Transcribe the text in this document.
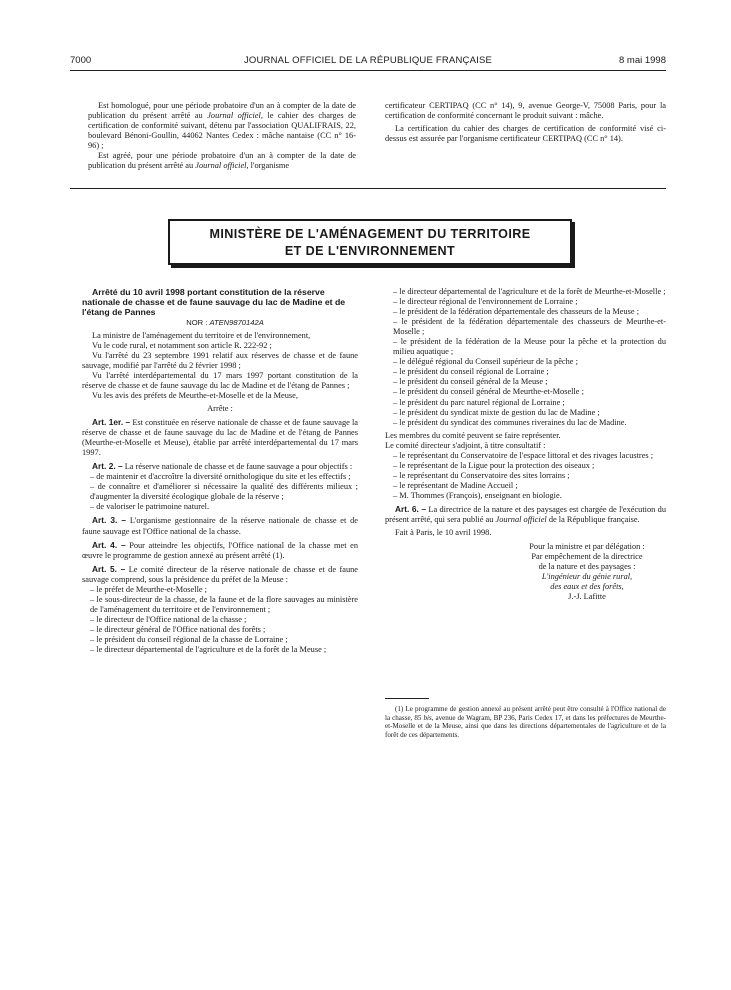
7000	JOURNAL OFFICIEL DE LA RÉPUBLIQUE FRANÇAISE	8 mai 1998

Est homologué, pour une période probatoire d'un an à compter de la date de publication du présent arrêté au Journal officiel, le cahier des charges de certification de conformité suivant, détenu par l'association QUALIFRAIS, 22, boulevard Bénoni-Goullin, 44062 Nantes Cedex : mâche nantaise (CC n° 16-96) ;

Est agréé, pour une période probatoire d'un an à compter de la date de publication du présent arrêté au Journal officiel, l'organisme

certificateur CERTIPAQ (CC n° 14), 9, avenue George-V, 75008 Paris, pour la certification de conformité concernant le produit suivant : mâche.

La certification du cahier des charges de certification de conformité visé ci-dessus est assurée par l'organisme certificateur CERTIPAQ (CC n° 14).

MINISTÈRE DE L'AMÉNAGEMENT DU TERRITOIRE
ET DE L'ENVIRONNEMENT

Arrêté du 10 avril 1998 portant constitution de la réserve nationale de chasse et de faune sauvage du lac de Madine et de l'étang de Pannes

NOR : ATEN9870142A

La ministre de l'aménagement du territoire et de l'environnement,

Vu le code rural, et notamment son article R. 222-92 ;

Vu l'arrêté du 23 septembre 1991 relatif aux réserves de chasse et de faune sauvage, modifié par l'arrêté du 2 février 1998 ;

Vu l'arrêté interdépartemental du 17 mars 1997 portant constitution de la réserve de chasse et de faune sauvage du lac de Madine et de l'étang de Pannes ;

Vu les avis des préfets de Meurthe-et-Moselle et de la Meuse,

Arrête :

Art. 1er. – Est constituée en réserve nationale de chasse et de faune sauvage la réserve de chasse et de faune sauvage du lac de Madine et de l'étang de Pannes (Meurthe-et-Moselle et Meuse), établie par arrêté interdépartemental du 17 mars 1997.

Art. 2. – La réserve nationale de chasse et de faune sauvage a pour objectifs :

– de maintenir et d'accroître la diversité ornithologique du site et les effectifs ;

– de connaître et d'améliorer si nécessaire la qualité des différents milieux ; d'augmenter la diversité écologique globale de la réserve ;

– de valoriser le patrimoine naturel.

Art. 3. – L'organisme gestionnaire de la réserve nationale de chasse et de faune sauvage est l'Office national de la chasse.

Art. 4. – Pour atteindre les objectifs, l'Office national de la chasse met en œuvre le programme de gestion annexé au présent arrêté (1).

Art. 5. – Le comité directeur de la réserve nationale de chasse et de faune sauvage comprend, sous la présidence du préfet de la Meuse :

– le préfet de Meurthe-et-Moselle ;

– le sous-directeur de la chasse, de la faune et de la flore sauvages au ministère de l'aménagement du territoire et de l'environnement ;

– le directeur de l'Office national de la chasse ;

– le directeur général de l'Office national des forêts ;

– le président du conseil régional de la chasse de Lorraine ;

– le directeur départemental de l'agriculture et de la forêt de la Meuse ;

– le directeur départemental de l'agriculture et de la forêt de Meurthe-et-Moselle ;

– le directeur régional de l'environnement de Lorraine ;

– le président de la fédération départementale des chasseurs de la Meuse ;

– le président de la fédération départementale des chasseurs de Meurthe-et-Moselle ;

– le président de la fédération de la Meuse pour la pêche et la protection du milieu aquatique ;

– le délégué régional du Conseil supérieur de la pêche ;

– le président du conseil régional de Lorraine ;

– le président du conseil général de la Meuse ;

– le président du conseil général de Meurthe-et-Moselle ;

– le président du parc naturel régional de Lorraine ;

– le président du syndicat mixte de gestion du lac de Madine ;

– le président du syndicat des communes riveraines du lac de Madine.

Les membres du comité peuvent se faire représenter.

Le comité directeur s'adjoint, à titre consultatif :

– le représentant du Conservatoire de l'espace littoral et des rivages lacustres ;

– le représentant de la Ligue pour la protection des oiseaux ;

– le représentant du Conservatoire des sites lorrains ;

– le représentant de Madine Accueil ;

– M. Thommes (François), enseignant en biologie.

Art. 6. – La directrice de la nature et des paysages est chargée de l'exécution du présent arrêté, qui sera publié au Journal officiel de la République française.

Fait à Paris, le 10 avril 1998.

Pour la ministre et par délégation :

Par empêchement de la directrice

de la nature et des paysages :

L'ingénieur du génie rural,

des eaux et des forêts,

J.-J. Lafitte

(1) Le programme de gestion annexé au présent arrêté peut être consulté à l'Office national de la chasse, 85 bis, avenue de Wagram, BP 236, Paris Cedex 17, et dans les préfectures de Meurthe-et-Moselle et de la Meuse, ainsi que dans les directions départementales de l'agriculture et de la forêt de ces départements.
